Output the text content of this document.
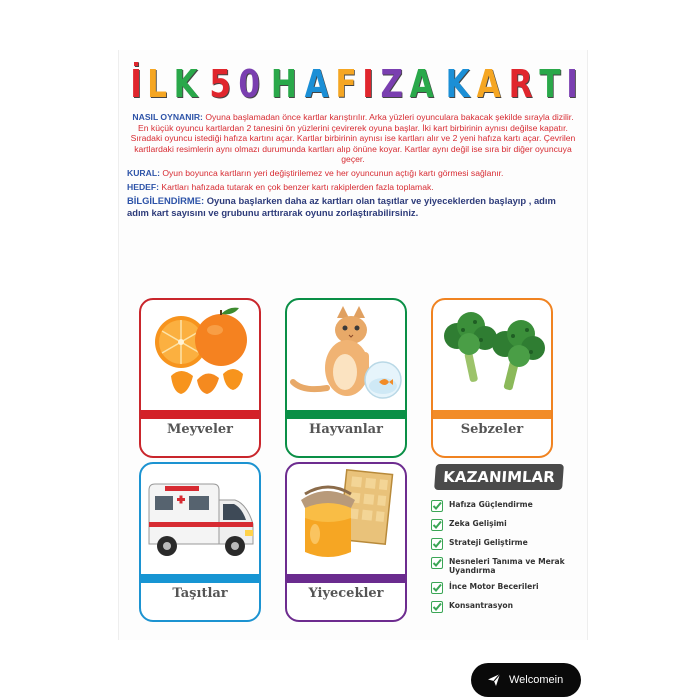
İ L K 5 0 H A F I Z A K A R T I

NASIL OYNANIR: Oyuna başlamadan önce kartlar karıştırılır. Arka yüzleri oyunculara bakacak şekilde sırayla dizilir. En küçük oyuncu kartlardan 2 tanesini ön yüzlerini çevirerek oyuna başlar. İki kart birbirinin aynısı değilse kapatır. Sıradaki oyuncu istediği hafıza kartını açar. Kartlar birbirinin aynısı ise kartları alır ve 2 yeni hafıza kartı açar. Çevrilen kartlardaki resimlerin aynı olmazı durumunda kartları alıp önüne koyar. Kartlar aynı değil ise sıra bir diğer oyuncuya geçer.

KURAL: Oyun boyunca kartların yeri değiştirilemez ve her oyuncunun açtığı kartı görmesi sağlanır.

HEDEF: Kartları hafızada tutarak en çok benzer kartı rakiplerden fazla toplamak.

BİLGİLENDİRME: Oyuna başlarken daha az kartları olan taşıtlar ve yiyeceklerden başlayıp , adım adım kart sayısını ve grubunu arttırarak oyunu zorlaştırabilirsiniz.

Meyveler	Hayvanlar	Sebzeler
Taşıtlar	Yiyecekler
KAZANIMLAR
Hafıza Güçlendirme
Zeka Gelişimi
Strateji Geliştirme
Nesneleri Tanıma ve Merak Uyandırma
İnce Motor Becerileri
Konsantrasyon
Welcomein
